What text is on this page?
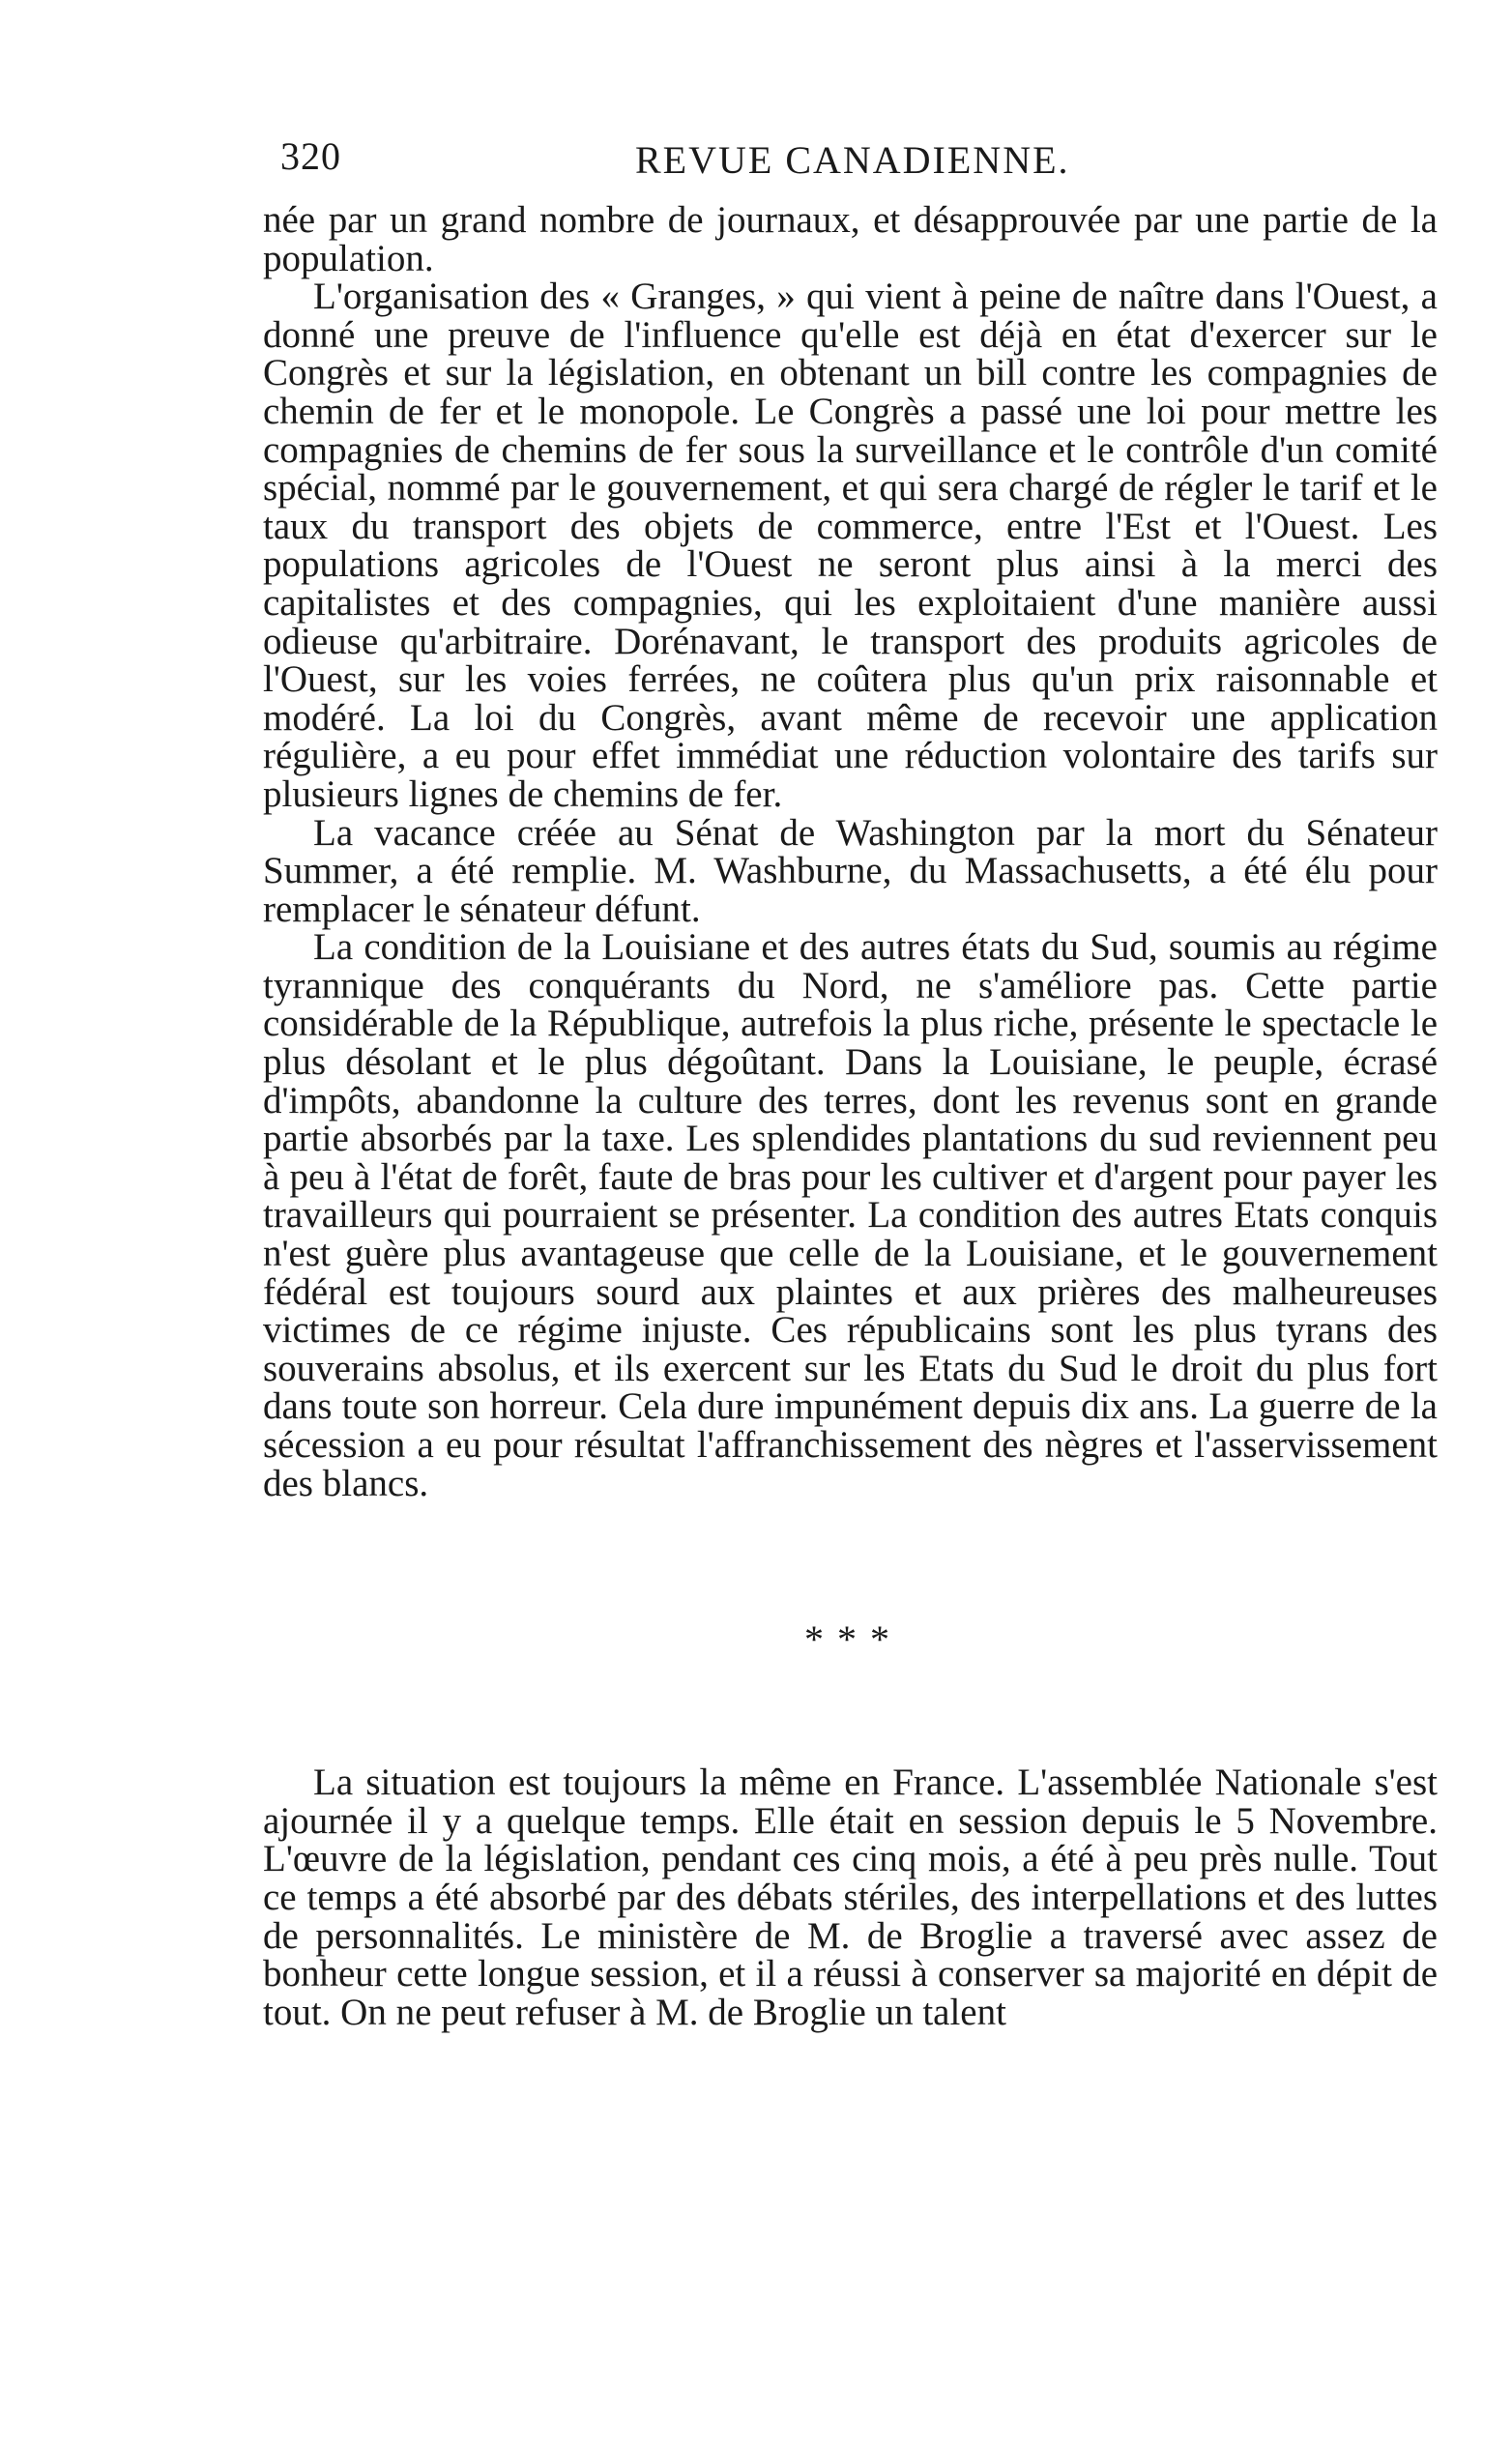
320	REVUE CANADIENNE.

née par un grand nombre de journaux, et désapprouvée par une partie de la population.

L'organisation des « Granges, » qui vient à peine de naître dans l'Ouest, a donné une preuve de l'influence qu'elle est déjà en état d'exercer sur le Congrès et sur la législation, en obtenant un bill contre les compagnies de chemin de fer et le monopole. Le Congrès a passé une loi pour mettre les compagnies de chemins de fer sous la surveillance et le contrôle d'un comité spécial, nommé par le gouvernement, et qui sera chargé de régler le tarif et le taux du transport des objets de commerce, entre l'Est et l'Ouest. Les populations agricoles de l'Ouest ne seront plus ainsi à la merci des capitalistes et des compagnies, qui les exploitaient d'une manière aussi odieuse qu'arbitraire. Dorénavant, le transport des produits agricoles de l'Ouest, sur les voies ferrées, ne coûtera plus qu'un prix raisonnable et modéré. La loi du Congrès, avant même de recevoir une application régulière, a eu pour effet immédiat une réduction volontaire des tarifs sur plusieurs lignes de chemins de fer.

La vacance créée au Sénat de Washington par la mort du Sénateur Summer, a été remplie. M. Washburne, du Massachusetts, a été élu pour remplacer le sénateur défunt.

La condition de la Louisiane et des autres états du Sud, soumis au régime tyrannique des conquérants du Nord, ne s'améliore pas. Cette partie considérable de la République, autrefois la plus riche, présente le spectacle le plus désolant et le plus dégoûtant. Dans la Louisiane, le peuple, écrasé d'impôts, abandonne la culture des terres, dont les revenus sont en grande partie absorbés par la taxe. Les splendides plantations du sud reviennent peu à peu à l'état de forêt, faute de bras pour les cultiver et d'argent pour payer les travailleurs qui pourraient se présenter. La condition des autres Etats conquis n'est guère plus avantageuse que celle de la Louisiane, et le gouvernement fédéral est toujours sourd aux plaintes et aux prières des malheureuses victimes de ce régime injuste. Ces républicains sont les plus tyrans des souverains absolus, et ils exercent sur les Etats du Sud le droit du plus fort dans toute son horreur. Cela dure impunément depuis dix ans. La guerre de la sécession a eu pour résultat l'affranchissement des nègres et l'asservissement des blancs.

* * *

La situation est toujours la même en France. L'assemblée Nationale s'est ajournée il y a quelque temps. Elle était en session depuis le 5 Novembre. L'œuvre de la législation, pendant ces cinq mois, a été à peu près nulle. Tout ce temps a été absorbé par des débats stériles, des interpellations et des luttes de personnalités. Le ministère de M. de Broglie a traversé avec assez de bonheur cette longue session, et il a réussi à conserver sa majorité en dépit de tout. On ne peut refuser à M. de Broglie un talent
